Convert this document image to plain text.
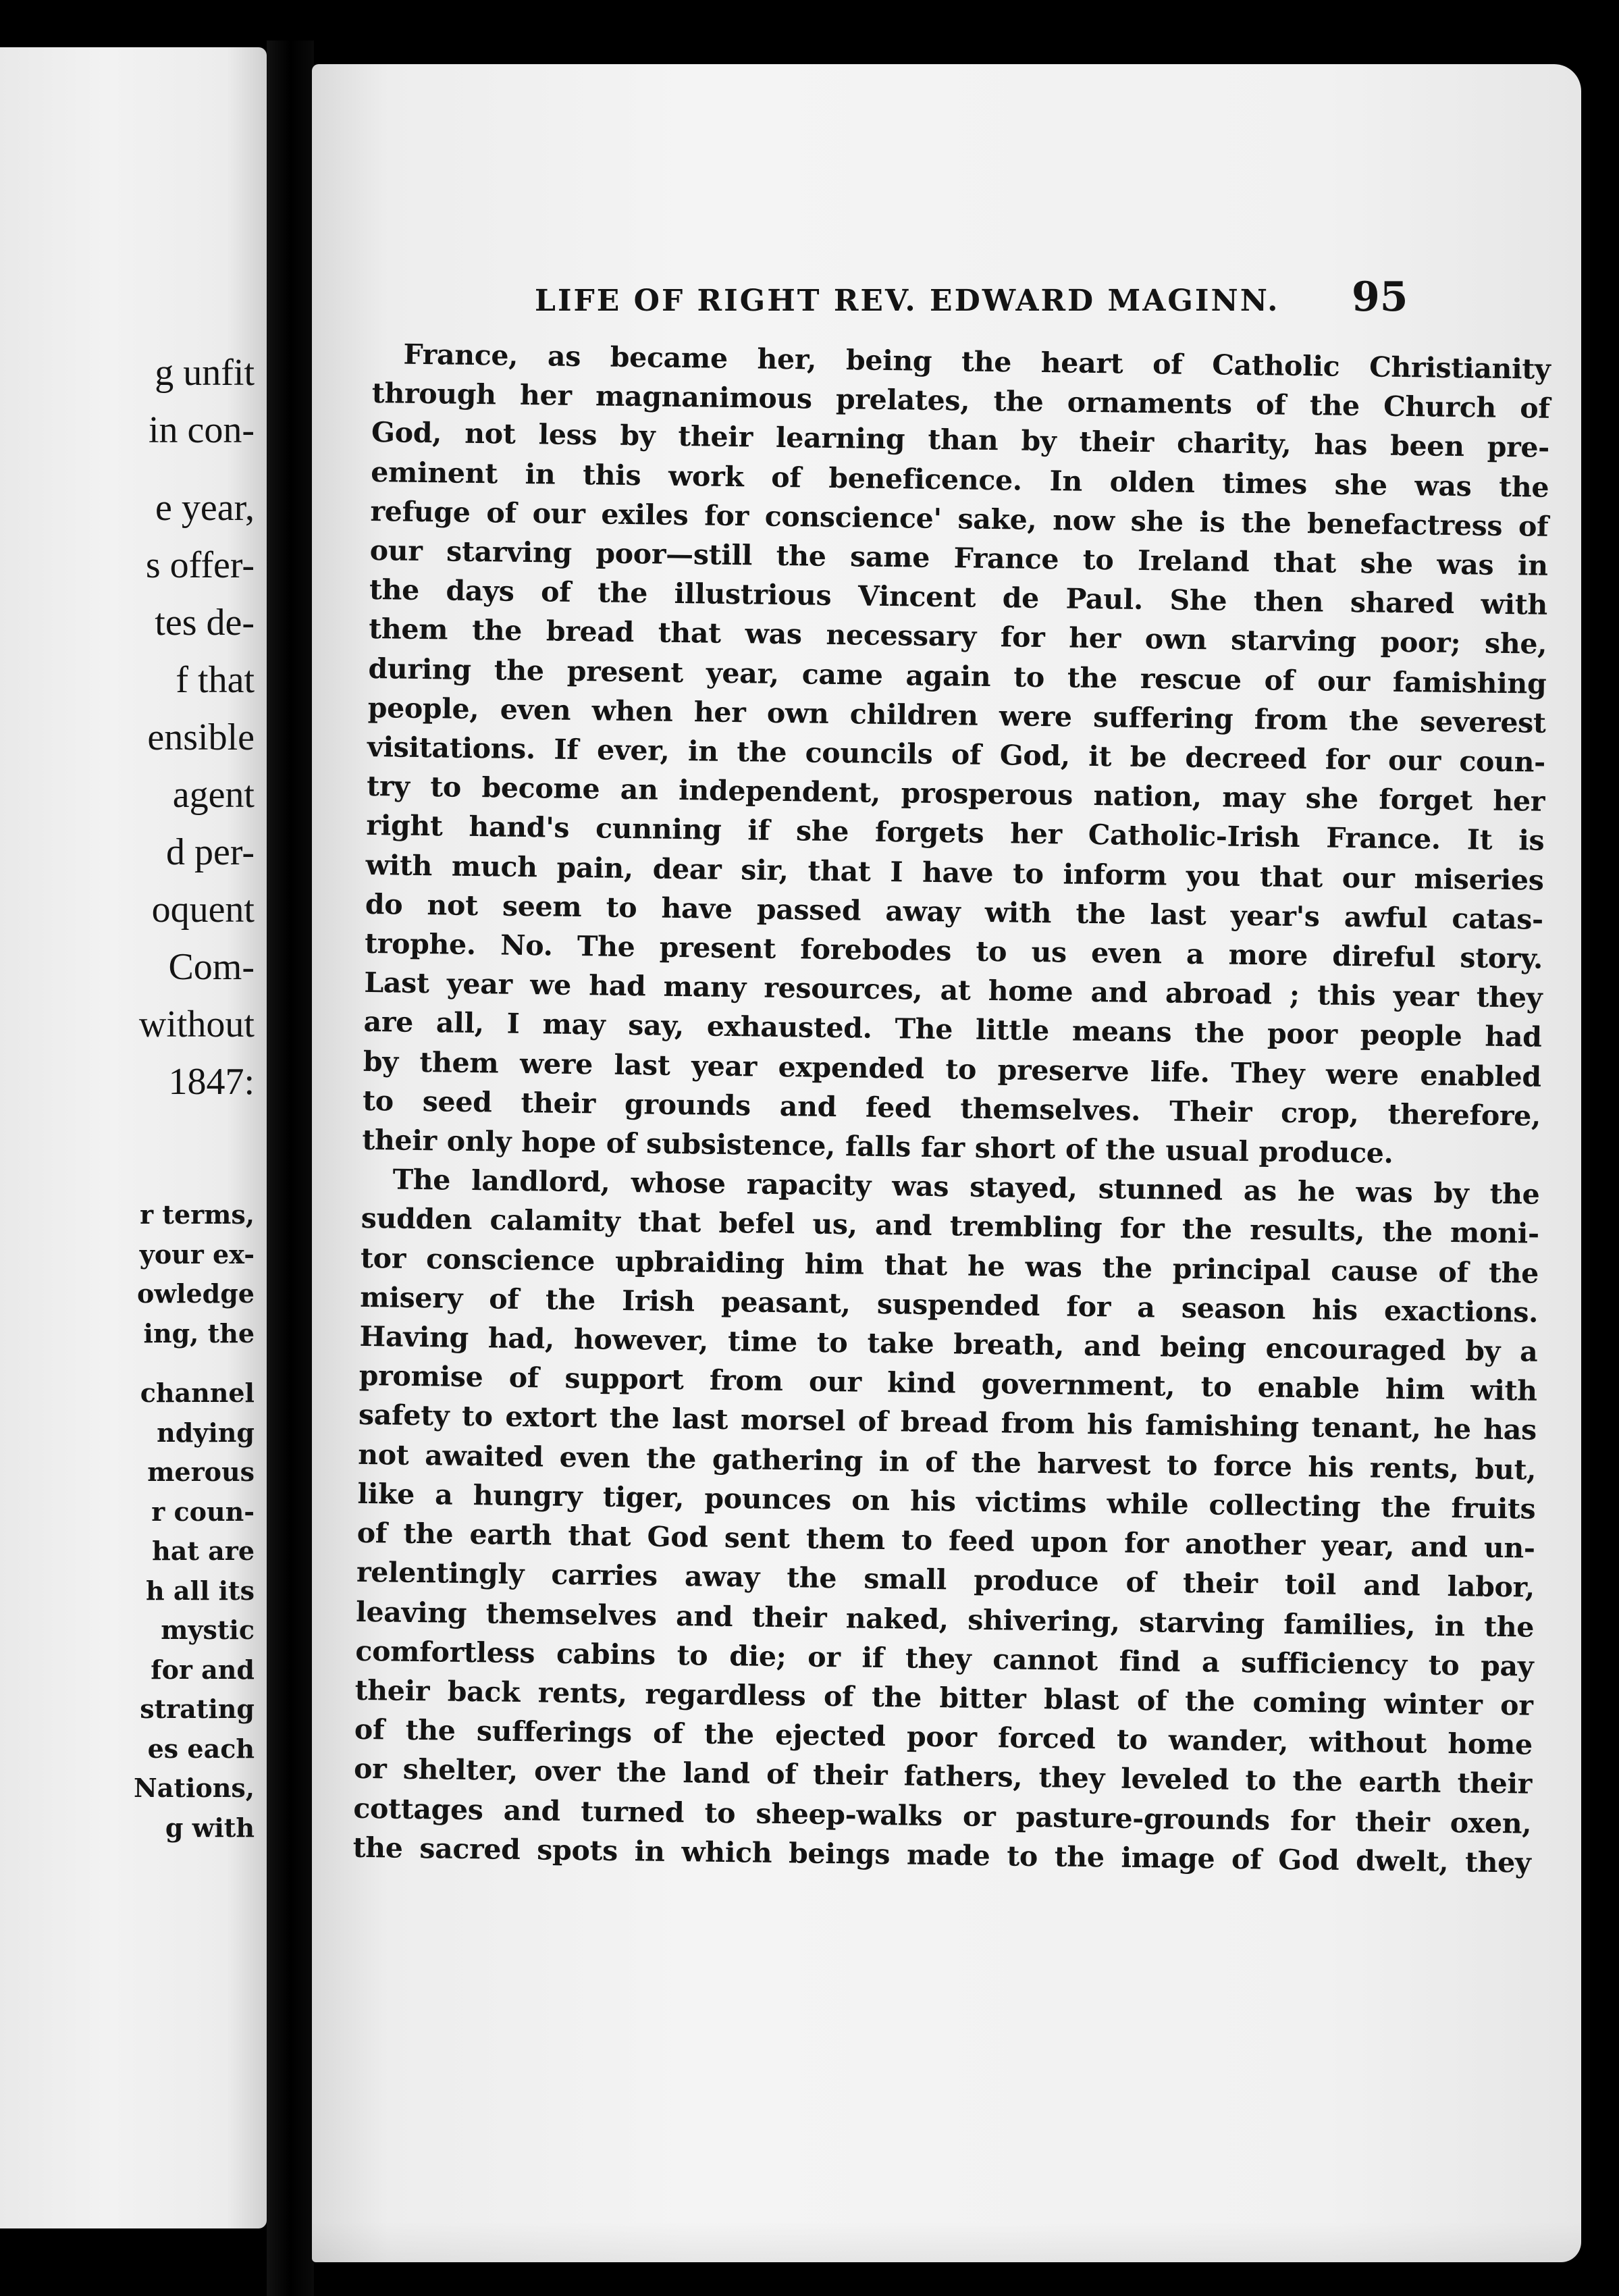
g unfit
in con-
e year,
s offer-
tes de-
f that
ensible
agent
d per-
oquent
Com-
without
1847:
r terms,
your ex-
owledge
ing, the
channel
ndying
merous
r coun-
hat are
h all its
mystic
for and
strating
es each
Nations,
g with
LIFE OF RIGHT REV. EDWARD MAGINN.	95
France, as became her, being the heart of Catholic Christianity
through her magnanimous prelates, the ornaments of the Church of
God, not less by their learning than by their charity, has been pre-
eminent in this work of beneficence. In olden times she was the
refuge of our exiles for conscience' sake, now she is the benefactress of
our starving poor—still the same France to Ireland that she was in
the days of the illustrious Vincent de Paul. She then shared with
them the bread that was necessary for her own starving poor; she,
during the present year, came again to the rescue of our famishing
people, even when her own children were suffering from the severest
visitations. If ever, in the councils of God, it be decreed for our coun-
try to become an independent, prosperous nation, may she forget her
right hand's cunning if she forgets her Catholic-Irish France. It is
with much pain, dear sir, that I have to inform you that our miseries
do not seem to have passed away with the last year's awful catas-
trophe. No. The present forebodes to us even a more direful story.
Last year we had many resources, at home and abroad ; this year they
are all, I may say, exhausted. The little means the poor people had
by them were last year expended to preserve life. They were enabled
to seed their grounds and feed themselves. Their crop, therefore,
their only hope of subsistence, falls far short of the usual produce.
The landlord, whose rapacity was stayed, stunned as he was by the
sudden calamity that befel us, and trembling for the results, the moni-
tor conscience upbraiding him that he was the principal cause of the
misery of the Irish peasant, suspended for a season his exactions.
Having had, however, time to take breath, and being encouraged by a
promise of support from our kind government, to enable him with
safety to extort the last morsel of bread from his famishing tenant, he has
not awaited even the gathering in of the harvest to force his rents, but,
like a hungry tiger, pounces on his victims while collecting the fruits
of the earth that God sent them to feed upon for another year, and un-
relentingly carries away the small produce of their toil and labor,
leaving themselves and their naked, shivering, starving families, in the
comfortless cabins to die; or if they cannot find a sufficiency to pay
their back rents, regardless of the bitter blast of the coming winter or
of the sufferings of the ejected poor forced to wander, without home
or shelter, over the land of their fathers, they leveled to the earth their
cottages and turned to sheep-walks or pasture-grounds for their oxen,
the sacred spots in which beings made to the image of God dwelt, they
